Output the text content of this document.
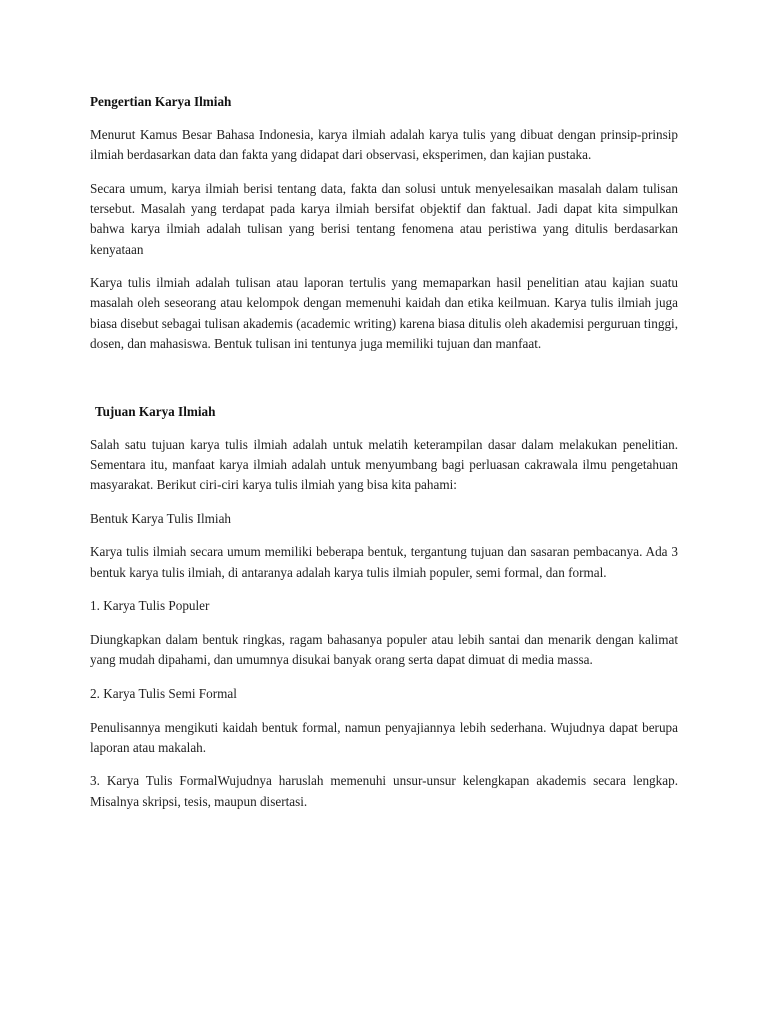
Pengertian Karya Ilmiah

Menurut Kamus Besar Bahasa Indonesia, karya ilmiah adalah karya tulis yang dibuat dengan prinsip-prinsip ilmiah berdasarkan data dan fakta yang didapat dari observasi, eksperimen, dan kajian pustaka.

Secara umum, karya ilmiah berisi tentang data, fakta dan solusi untuk menyelesaikan masalah dalam tulisan tersebut. Masalah yang terdapat pada karya ilmiah bersifat objektif dan faktual. Jadi dapat kita simpulkan bahwa karya ilmiah adalah tulisan yang berisi tentang fenomena atau peristiwa yang ditulis berdasarkan kenyataan

Karya tulis ilmiah adalah tulisan atau laporan tertulis yang memaparkan hasil penelitian atau kajian suatu masalah oleh seseorang atau kelompok dengan memenuhi kaidah dan etika keilmuan. Karya tulis ilmiah juga biasa disebut sebagai tulisan akademis (academic writing) karena biasa ditulis oleh akademisi perguruan tinggi, dosen, dan mahasiswa. Bentuk tulisan ini tentunya juga memiliki tujuan dan manfaat.

Tujuan Karya Ilmiah

Salah satu tujuan karya tulis ilmiah adalah untuk melatih keterampilan dasar dalam melakukan penelitian. Sementara itu, manfaat karya ilmiah adalah untuk menyumbang bagi perluasan cakrawala ilmu pengetahuan masyarakat. Berikut ciri-ciri karya tulis ilmiah yang bisa kita pahami:

Bentuk Karya Tulis Ilmiah

Karya tulis ilmiah secara umum memiliki beberapa bentuk, tergantung tujuan dan sasaran pembacanya. Ada 3 bentuk karya tulis ilmiah, di antaranya adalah karya tulis ilmiah populer, semi formal, dan formal.

1. Karya Tulis Populer

Diungkapkan dalam bentuk ringkas, ragam bahasanya populer atau lebih santai dan menarik dengan kalimat yang mudah dipahami, dan umumnya disukai banyak orang serta dapat dimuat di media massa.

2. Karya Tulis Semi Formal

Penulisannya mengikuti kaidah bentuk formal, namun penyajiannya lebih sederhana. Wujudnya dapat berupa laporan atau makalah.

3. Karya Tulis FormalWujudnya haruslah memenuhi unsur-unsur kelengkapan akademis secara lengkap. Misalnya skripsi, tesis, maupun disertasi.
